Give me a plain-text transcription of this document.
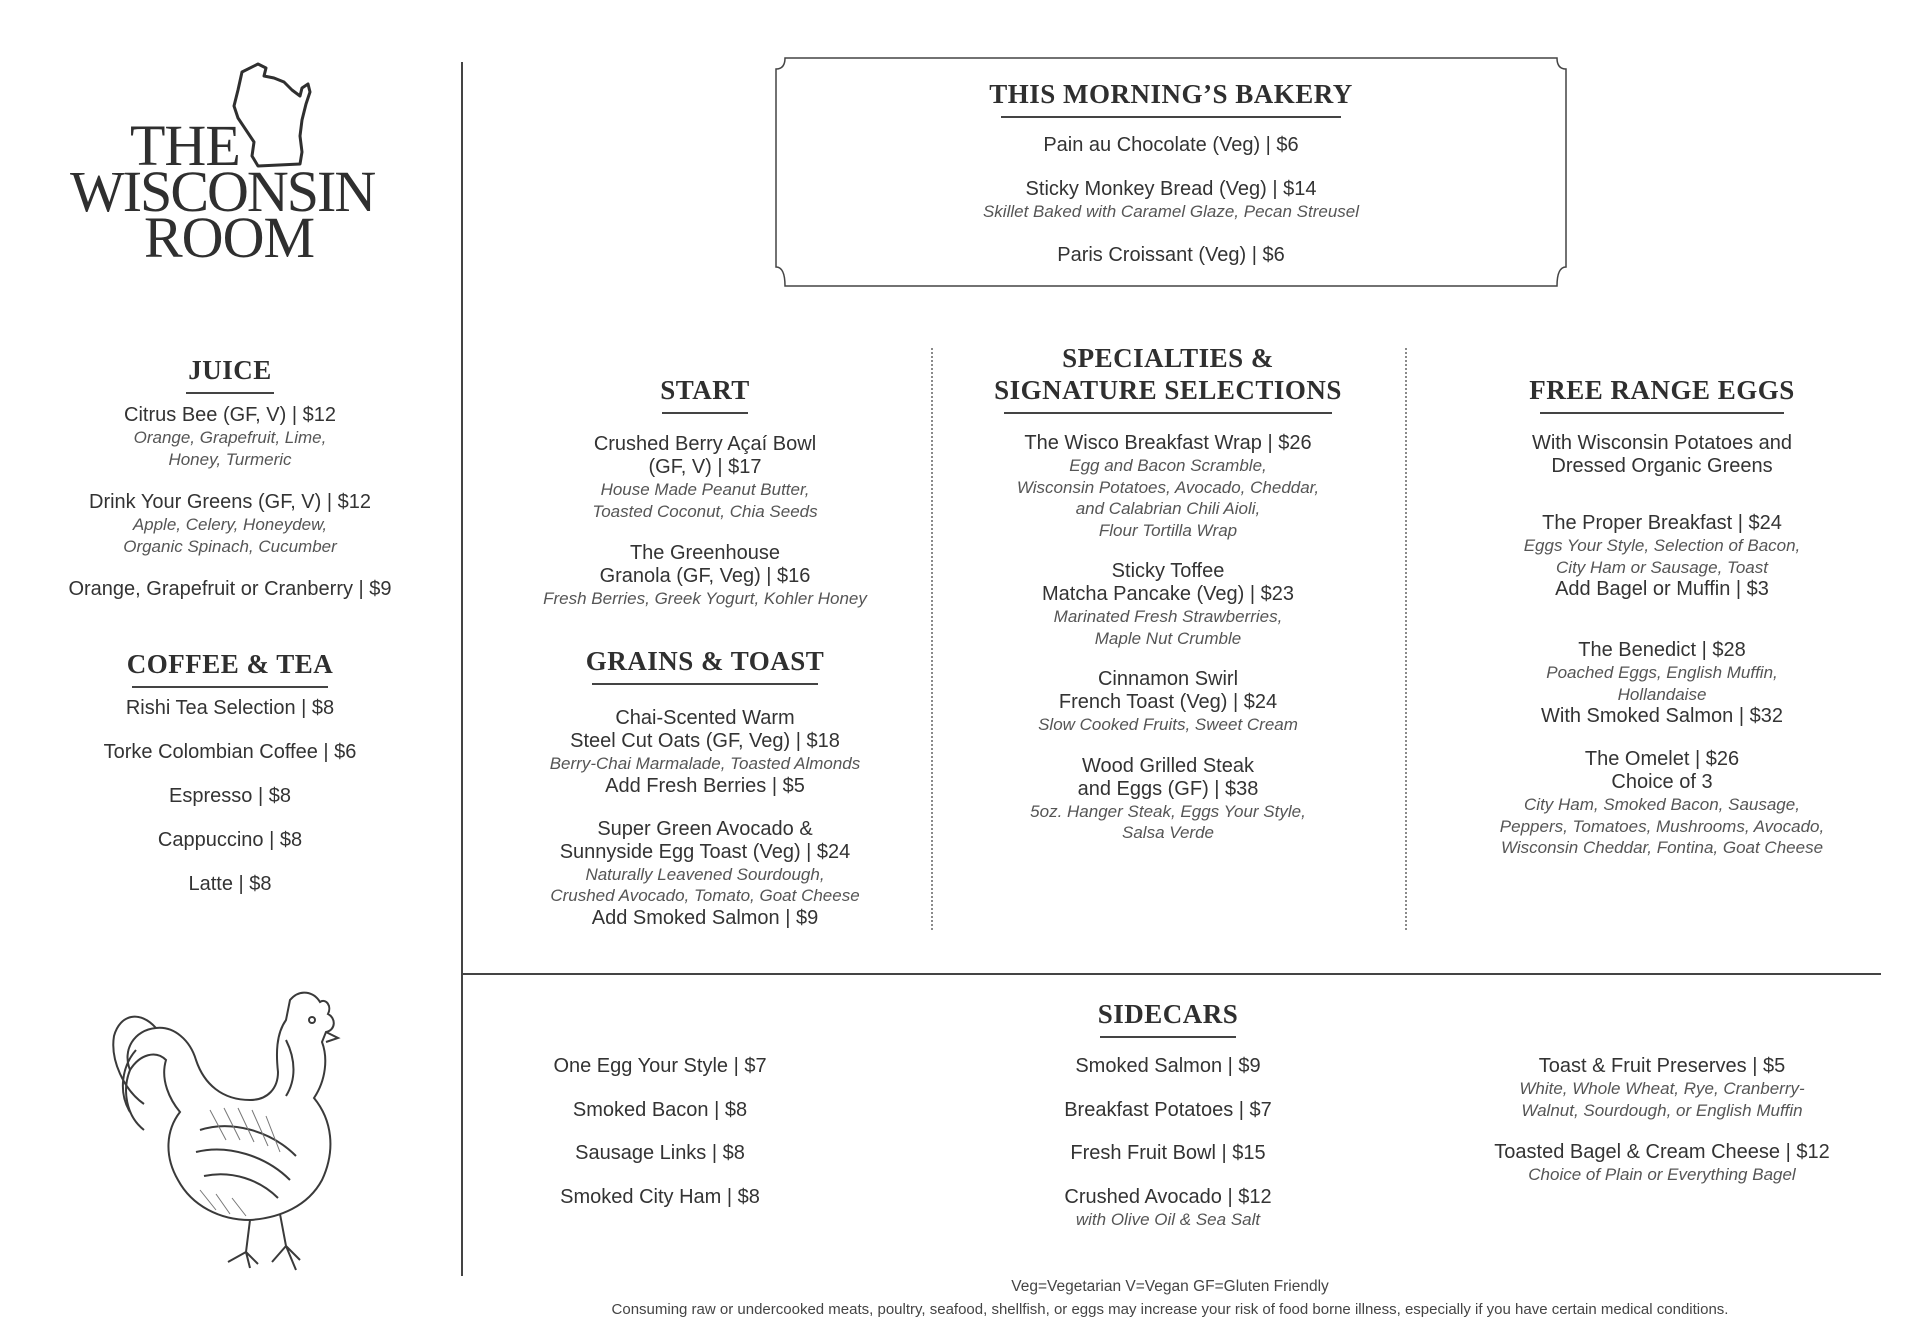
THE
WISCONSIN
ROOM
JUICE
Citrus Bee (GF, V) | $12
Orange, Grapefruit, Lime,
Honey, Turmeric
Drink Your Greens (GF, V) | $12
Apple, Celery, Honeydew,
Organic Spinach, Cucumber
Orange, Grapefruit or Cranberry | $9
COFFEE & TEA
Rishi Tea Selection | $8
Torke Colombian Coffee | $6
Espresso | $8
Cappuccino | $8
Latte | $8
THIS MORNING’S BAKERY
Pain au Chocolate (Veg) | $6
Sticky Monkey Bread (Veg) | $14
Skillet Baked with Caramel Glaze, Pecan Streusel
Paris Croissant (Veg) | $6
START
Crushed Berry Açaí Bowl
(GF, V) | $17
House Made Peanut Butter,
Toasted Coconut, Chia Seeds
The Greenhouse
Granola (GF, Veg) | $16
Fresh Berries, Greek Yogurt, Kohler Honey
GRAINS & TOAST
Chai-Scented Warm
Steel Cut Oats (GF, Veg) | $18
Berry-Chai Marmalade, Toasted Almonds
Add Fresh Berries | $5
Super Green Avocado &
Sunnyside Egg Toast (Veg) | $24
Naturally Leavened Sourdough,
Crushed Avocado, Tomato, Goat Cheese
Add Smoked Salmon | $9
SPECIALTIES &
SIGNATURE SELECTIONS
The Wisco Breakfast Wrap | $26
Egg and Bacon Scramble,
Wisconsin Potatoes, Avocado, Cheddar,
and Calabrian Chili Aioli,
Flour Tortilla Wrap
Sticky Toffee
Matcha Pancake (Veg) | $23
Marinated Fresh Strawberries,
Maple Nut Crumble
Cinnamon Swirl
French Toast (Veg) | $24
Slow Cooked Fruits, Sweet Cream
Wood Grilled Steak
and Eggs (GF) | $38
5oz. Hanger Steak, Eggs Your Style,
Salsa Verde
FREE RANGE EGGS
With Wisconsin Potatoes and
Dressed Organic Greens
The Proper Breakfast | $24
Eggs Your Style, Selection of Bacon,
City Ham or Sausage, Toast
Add Bagel or Muffin | $3
The Benedict | $28
Poached Eggs, English Muffin,
Hollandaise
With Smoked Salmon | $32
The Omelet | $26
Choice of 3
City Ham, Smoked Bacon, Sausage,
Peppers, Tomatoes, Mushrooms, Avocado,
Wisconsin Cheddar, Fontina, Goat Cheese
SIDECARS
One Egg Your Style | $7
Smoked Bacon | $8
Sausage Links | $8
Smoked City Ham | $8
Smoked Salmon | $9
Breakfast Potatoes | $7
Fresh Fruit Bowl | $15
Crushed Avocado | $12
with Olive Oil & Sea Salt
Toast & Fruit Preserves | $5
White, Whole Wheat, Rye, Cranberry-
Walnut, Sourdough, or English Muffin
Toasted Bagel & Cream Cheese | $12
Choice of Plain or Everything Bagel
Veg=Vegetarian V=Vegan GF=Gluten Friendly
Consuming raw or undercooked meats, poultry, seafood, shellfish, or eggs may increase your risk of food borne illness, especially if you have certain medical conditions.
